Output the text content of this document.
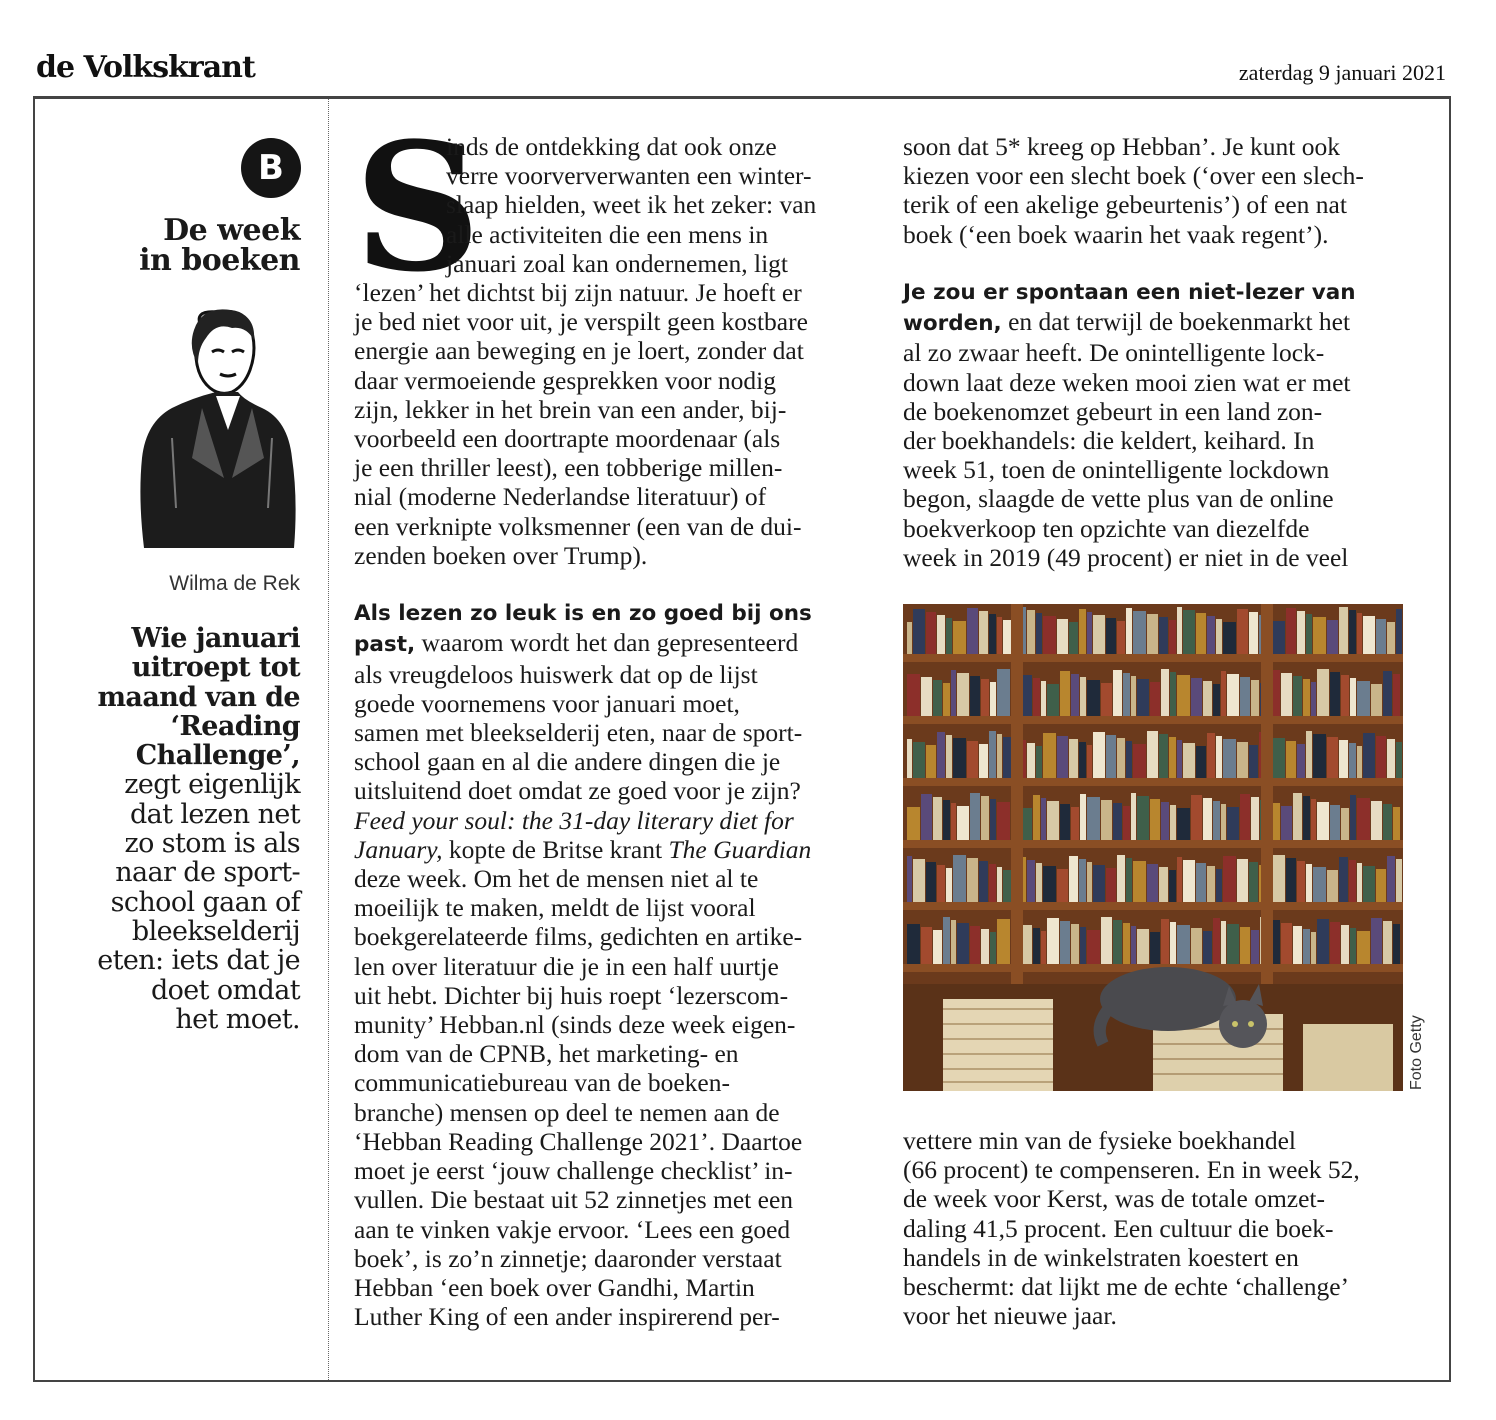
de Volkskrant	zaterdag 9 januari 2021
B
De week
in boeken
Wilma de Rek
Wie januari
uitroept tot
maand van de
‘Reading
Challenge’,
zegt eigenlijk
dat lezen net
zo stom is als
naar de sport-
school gaan of
bleekselderij
eten: iets dat je
doet omdat
het moet.
S
inds de ontdekking dat ook onze
verre voorververwanten een winter-
slaap hielden, weet ik het zeker: van
alle activiteiten die een mens in
januari zoal kan ondernemen, ligt
‘lezen’ het dichtst bij zijn natuur. Je hoeft er
je bed niet voor uit, je verspilt geen kostbare
energie aan beweging en je loert, zonder dat
daar vermoeiende gesprekken voor nodig
zijn, lekker in het brein van een ander, bij-
voorbeeld een doortrapte moordenaar (als
je een thriller leest), een tobberige millen-
nial (moderne Nederlandse literatuur) of
een verknipte volksmenner (een van de dui-
zenden boeken over Trump).
Als lezen zo leuk is en zo goed bij ons
past, waarom wordt het dan gepresenteerd
als vreugdeloos huiswerk dat op de lijst
goede voornemens voor januari moet,
samen met bleekselderij eten, naar de sport-
school gaan en al die andere dingen die je
uitsluitend doet omdat ze goed voor je zijn?
Feed your soul: the 31-day literary diet for
January, kopte de Britse krant The Guardian
deze week. Om het de mensen niet al te
moeilijk te maken, meldt de lijst vooral
boekgerelateerde films, gedichten en artike-
len over literatuur die je in een half uurtje
uit hebt. Dichter bij huis roept ‘lezerscom-
munity’ Hebban.nl (sinds deze week eigen-
dom van de CPNB, het marketing- en
communicatiebureau van de boeken-
branche) mensen op deel te nemen aan de
‘Hebban Reading Challenge 2021’. Daartoe
moet je eerst ‘jouw challenge checklist’ in-
vullen. Die bestaat uit 52 zinnetjes met een
aan te vinken vakje ervoor. ‘Lees een goed
boek’, is zo’n zinnetje; daaronder verstaat
Hebban ‘een boek over Gandhi, Martin
Luther King of een ander inspirerend per-
soon dat 5* kreeg op Hebban’. Je kunt ook
kiezen voor een slecht boek (‘over een slech-
terik of een akelige gebeurtenis’) of een nat
boek (‘een boek waarin het vaak regent’).
Je zou er spontaan een niet-lezer van
worden, en dat terwijl de boekenmarkt het
al zo zwaar heeft. De onintelligente lock-
down laat deze weken mooi zien wat er met
de boekenomzet gebeurt in een land zon-
der boekhandels: die keldert, keihard. In
week 51, toen de onintelligente lockdown
begon, slaagde de vette plus van de online
boekverkoop ten opzichte van diezelfde
week in 2019 (49 procent) er niet in de veel
Foto Getty
vettere min van de fysieke boekhandel
(66 procent) te compenseren. En in week 52,
de week voor Kerst, was de totale omzet-
daling 41,5 procent. Een cultuur die boek-
handels in de winkelstraten koestert en
beschermt: dat lijkt me de echte ‘challenge’
voor het nieuwe jaar.
